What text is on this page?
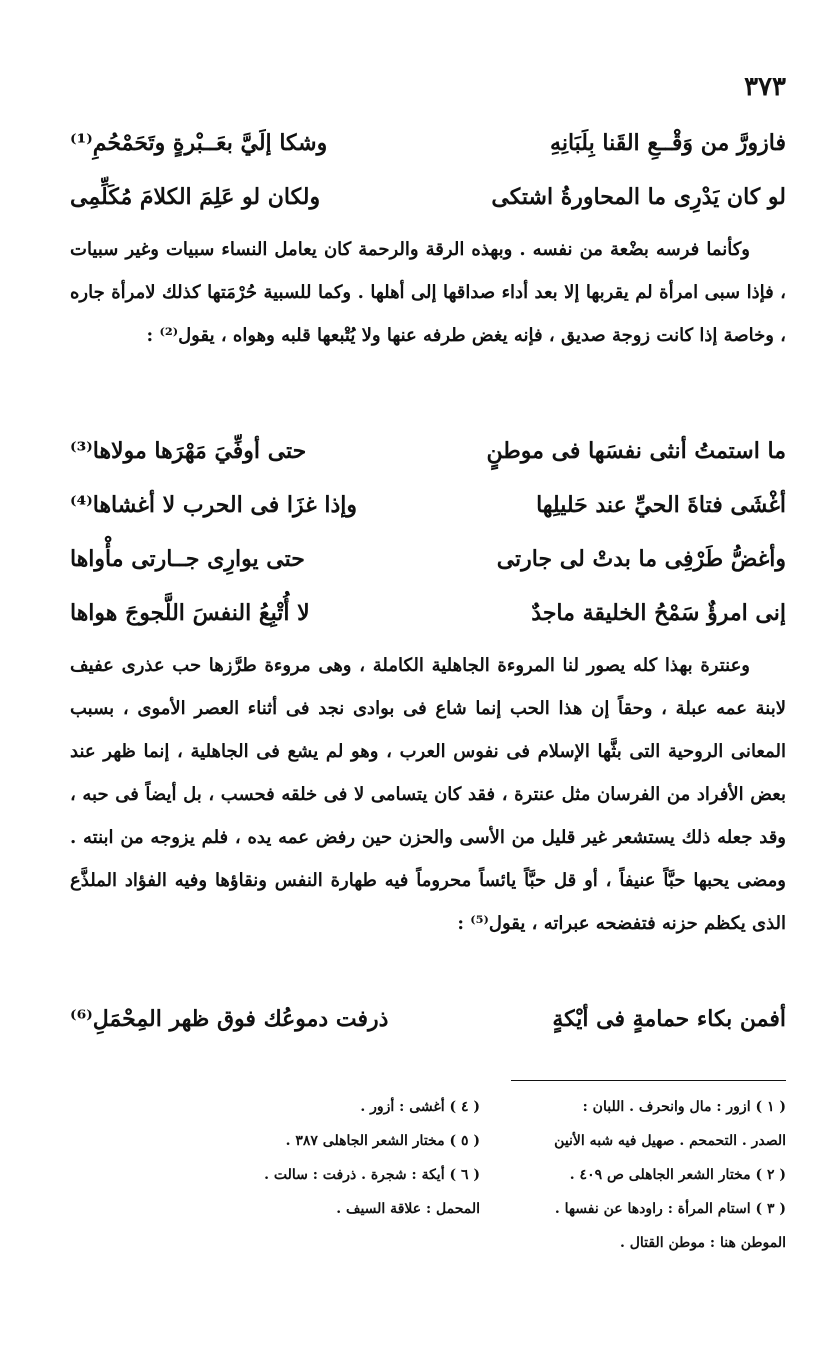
٣٧٣
فازورَّ من وَقْــعِ القَنا بِلَبَانِهِ
وشكا إلَيَّ بعَــبْرةٍ وتَحَمْحُمِ⁽¹⁾
لو كان يَدْرِى ما المحاورةُ اشتكى
ولكان لو عَلِمَ الكلامَ مُكَلِّمِى

وكأنما فرسه بضْعة من نفسه . وبهذه الرقة والرحمة كان يعامل النساء سبيات وغير سبيات ، فإذا سبى امرأة لم يقربها إلا بعد أداء صداقها إلى أهلها . وكما للسبية حُرْمَتها كذلك لامرأة جاره ، وخاصة إذا كانت زوجة صديق ، فإنه يغض طرفه عنها ولا يُتْبعها قلبه وهواه ، يقول⁽²⁾ :

ما استمتُ أنثى نفسَها فى موطنٍ
حتى أوفِّيَ مَهْرَها مولاها⁽³⁾
أغْشَى فتاةَ الحيِّ عند حَليلِها
وإذا غزَا فى الحرب لا أغشاها⁽⁴⁾
وأغضُّ طَرْفِى ما بدتْ لى جارتى
حتى يوارِى جــارتى مأْواها
إنى امرؤٌ سَمْحُ الخليقة ماجدٌ
لا أُتْبِعُ النفسَ اللَّجوجَ هواها

وعنترة بهذا كله يصور لنا المروءة الجاهلية الكاملة ، وهى مروءة طرَّزها حب عذرى عفيف لابنة عمه عبلة ، وحقاً إن هذا الحب إنما شاع فى بوادى نجد فى أثناء العصر الأموى ، بسبب المعانى الروحية التى بثَّها الإسلام فى نفوس العرب ، وهو لم يشع فى الجاهلية ، إنما ظهر عند بعض الأفراد من الفرسان مثل عنترة ، فقد كان يتسامى لا فى خلقه فحسب ، بل أيضاً فى حبه ، وقد جعله ذلك يستشعر غير قليل من الأسى والحزن حين رفض عمه يده ، فلم يزوجه من ابنته . ومضى يحبها حبَّاً عنيفاً ، أو قل حبَّاً يائساً محروماً فيه طهارة النفس ونقاؤها وفيه الفؤاد الملذَّع الذى يكظم حزنه فتفضحه عبراته ، يقول⁽⁵⁾ :

أفمن بكاء حمامةٍ فى أيْكةٍ
ذرفت دموعُك فوق ظهر المِحْمَلِ⁽⁶⁾
( ١ ) ازور : مال وانحرف . اللبان :
الصدر . التحمحم . صهيل فيه شبه الأنين
( ٢ ) مختار الشعر الجاهلى ص ٤٠٩ .
( ٣ ) استام المرأة : راودها عن نفسها .
الموطن هنا : موطن القتال .
( ٤ ) أغشى : أزور .
( ٥ ) مختار الشعر الجاهلى ٣٨٧ .
( ٦ ) أيكة : شجرة . ذرفت : سالت .
المحمل : علاقة السيف .
